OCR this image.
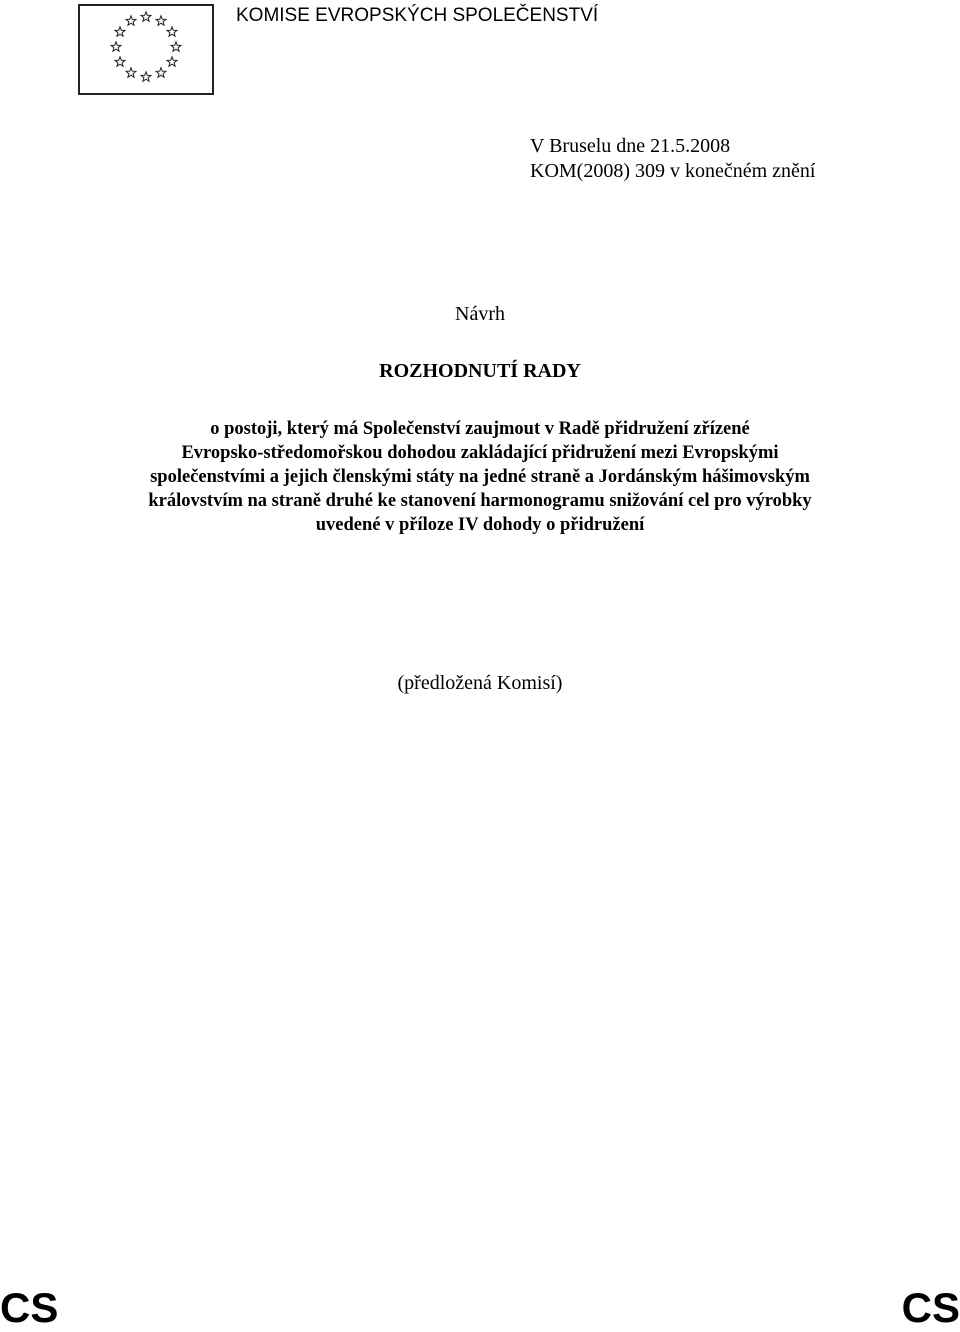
KOMISE EVROPSKÝCH SPOLEČENSTVÍ
V Bruselu dne 21.5.2008
KOM(2008) 309 v konečném znění
Návrh
ROZHODNUTÍ RADY
o postoji, který má Společenství zaujmout v Radě přidružení zřízené
Evropsko-středomořskou dohodou zakládající přidružení mezi Evropskými
společenstvími a jejich členskými státy na jedné straně a Jordánským hášimovským
královstvím na straně druhé ke stanovení harmonogramu snižování cel pro výrobky
uvedené v příloze IV dohody o přidružení
(předložená Komisí)
CS	CS
